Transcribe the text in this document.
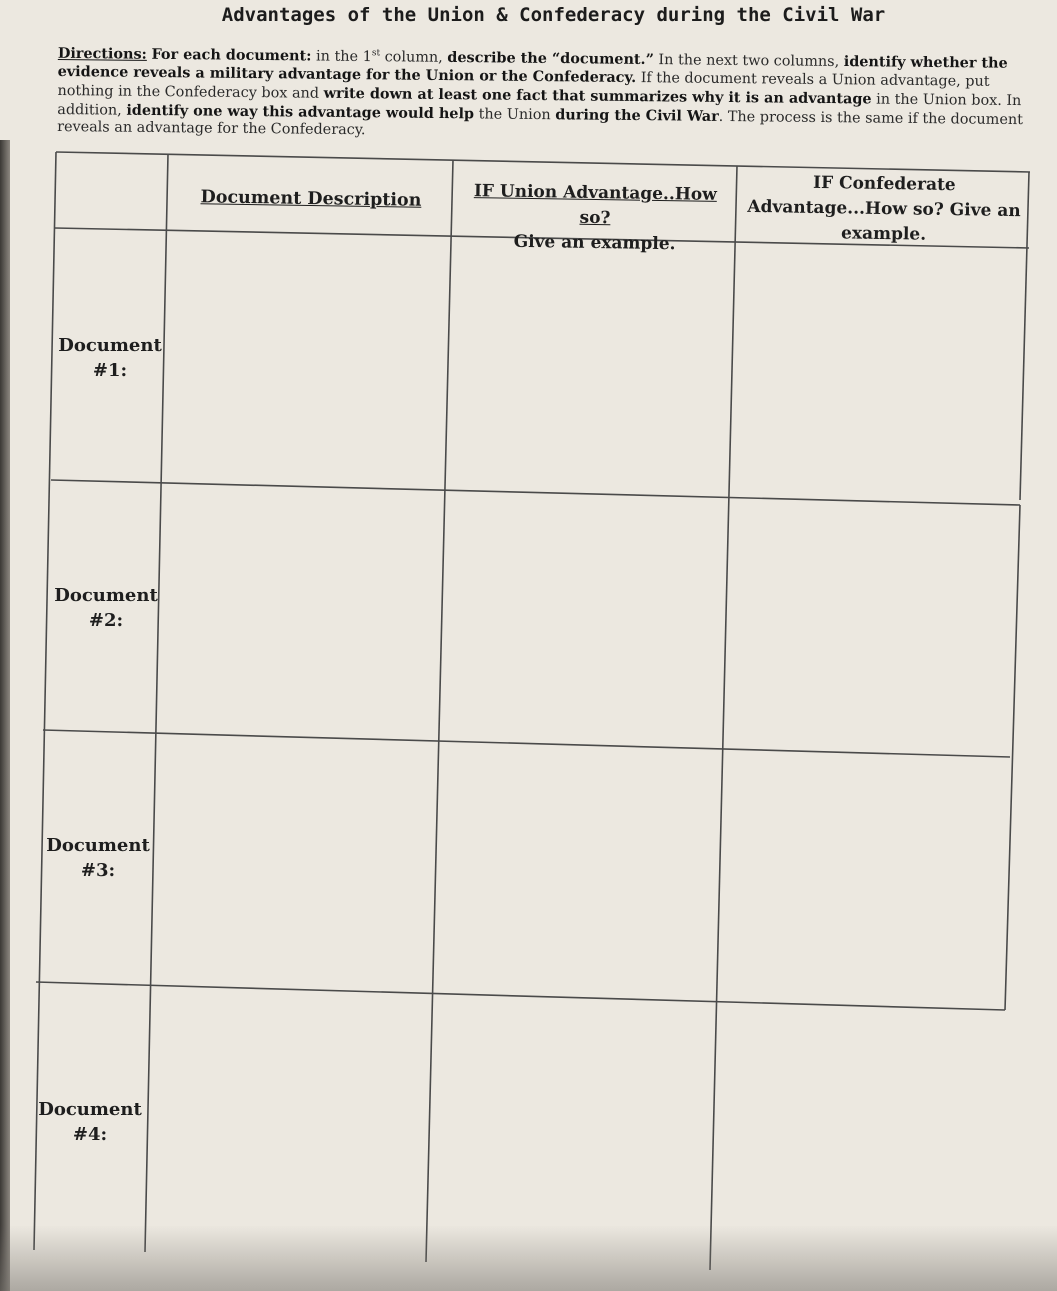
Advantages of the Union & Confederacy during the Civil War
Directions: For each document: in the 1st column, describe the “document.” In the next two columns, identify whether the evidence reveals a military advantage for the Union or the Confederacy. If the document reveals a Union advantage, put nothing in the Confederacy box and write down at least one fact that summarizes why it is an advantage in the Union box. In addition, identify one way this advantage would help the Union during the Civil War. The process is the same if the document reveals an advantage for the Confederacy.
Document Description	IF Union Advantage..How so?
Give an example.
IF Confederate
Advantage...How so? Give an
example.
Document
#1:
Document
#2:
Document
#3:
Document
#4:
